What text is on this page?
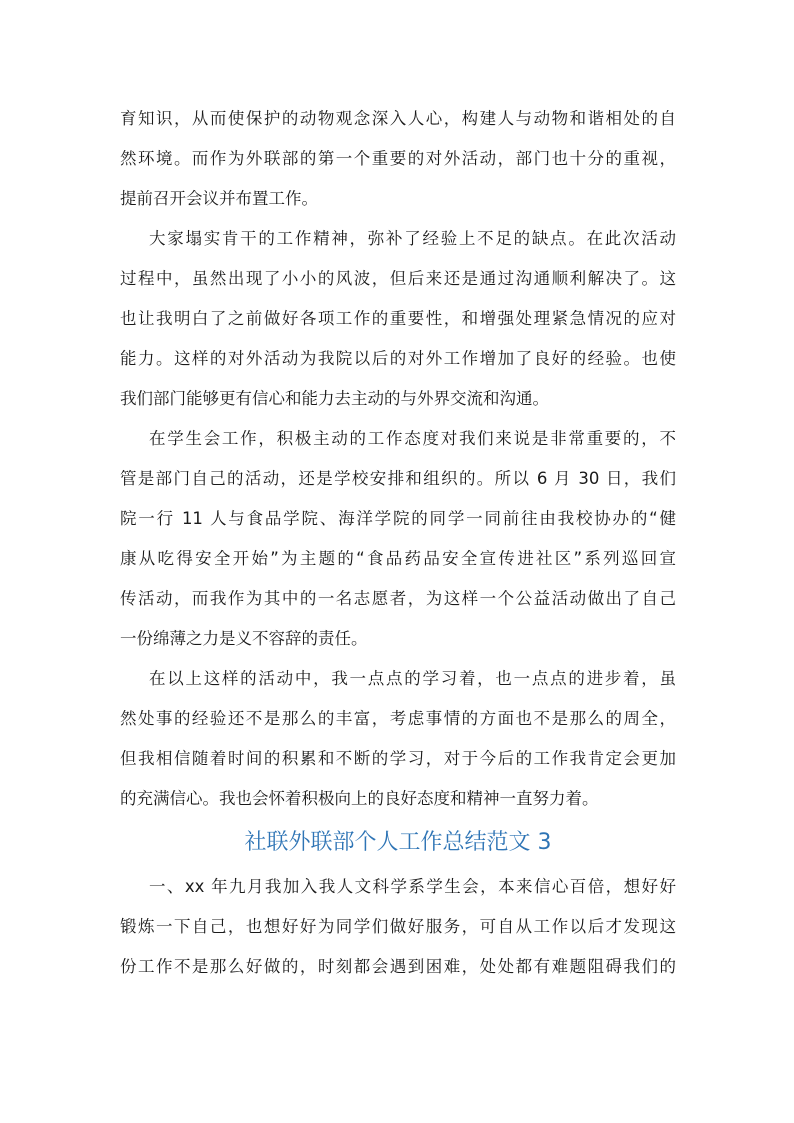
育知识，从而使保护的动物观念深入人心，构建人与动物和谐相处的自
然环境。而作为外联部的第一个重要的对外活动，部门也十分的重视，
提前召开会议并布置工作。
大家塌实肯干的工作精神，弥补了经验上不足的缺点。在此次活动
过程中，虽然出现了小小的风波，但后来还是通过沟通顺利解决了。这
也让我明白了之前做好各项工作的重要性，和增强处理紧急情况的应对
能力。这样的对外活动为我院以后的对外工作增加了良好的经验。也使
我们部门能够更有信心和能力去主动的与外界交流和沟通。
在学生会工作，积极主动的工作态度对我们来说是非常重要的，不
管是部门自己的活动，还是学校安排和组织的。所以 6 月 30 日，我们
院一行 11 人与食品学院、海洋学院的同学一同前往由我校协办的“健
康从吃得安全开始”为主题的“食品药品安全宣传进社区”系列巡回宣
传活动，而我作为其中的一名志愿者，为这样一个公益活动做出了自己
一份绵薄之力是义不容辞的责任。
在以上这样的活动中，我一点点的学习着，也一点点的进步着，虽
然处事的经验还不是那么的丰富，考虑事情的方面也不是那么的周全，
但我相信随着时间的积累和不断的学习，对于今后的工作我肯定会更加
的充满信心。我也会怀着积极向上的良好态度和精神一直努力着。
社联外联部个人工作总结范文 3
一、xx 年九月我加入我人文科学系学生会，本来信心百倍，想好好
锻炼一下自己，也想好好为同学们做好服务，可自从工作以后才发现这
份工作不是那么好做的，时刻都会遇到困难，处处都有难题阻碍我们的
